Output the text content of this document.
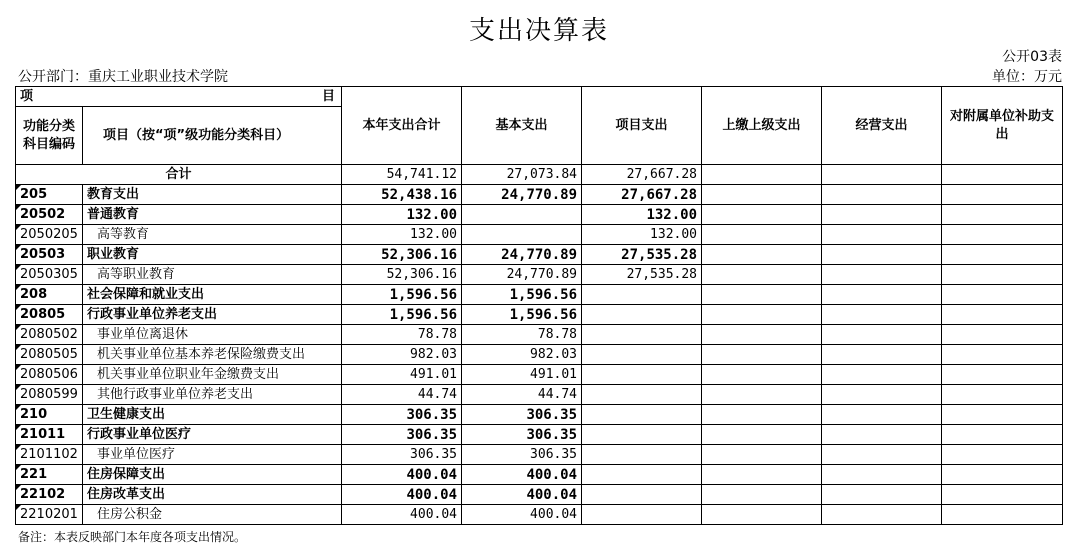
支出决算表
公开03表
公开部门：重庆工业职业技术学院	单位：万元
项 目		本年支出合计	基本支出	项目支出	上缴上级支出	经营支出	对附属单位补助支出
功能分类科目编码	项目（按“项”级功能分类科目）						
合计		54,741.12	27,073.84	27,667.28			
205	教育支出	52,438.16	24,770.89	27,667.28			
20502	普通教育	132.00		132.00			
2050205	高等教育	132.00		132.00			
20503	职业教育	52,306.16	24,770.89	27,535.28			
2050305	高等职业教育	52,306.16	24,770.89	27,535.28			
208	社会保障和就业支出	1,596.56	1,596.56				
20805	行政事业单位养老支出	1,596.56	1,596.56				
2080502	事业单位离退休	78.78	78.78				
2080505	机关事业单位基本养老保险缴费支出	982.03	982.03				
2080506	机关事业单位职业年金缴费支出	491.01	491.01				
2080599	其他行政事业单位养老支出	44.74	44.74				
210	卫生健康支出	306.35	306.35				
21011	行政事业单位医疗	306.35	306.35				
2101102	事业单位医疗	306.35	306.35				
221	住房保障支出	400.04	400.04				
22102	住房改革支出	400.04	400.04				
2210201	住房公积金	400.04	400.04				
备注：本表反映部门本年度各项支出情况。
